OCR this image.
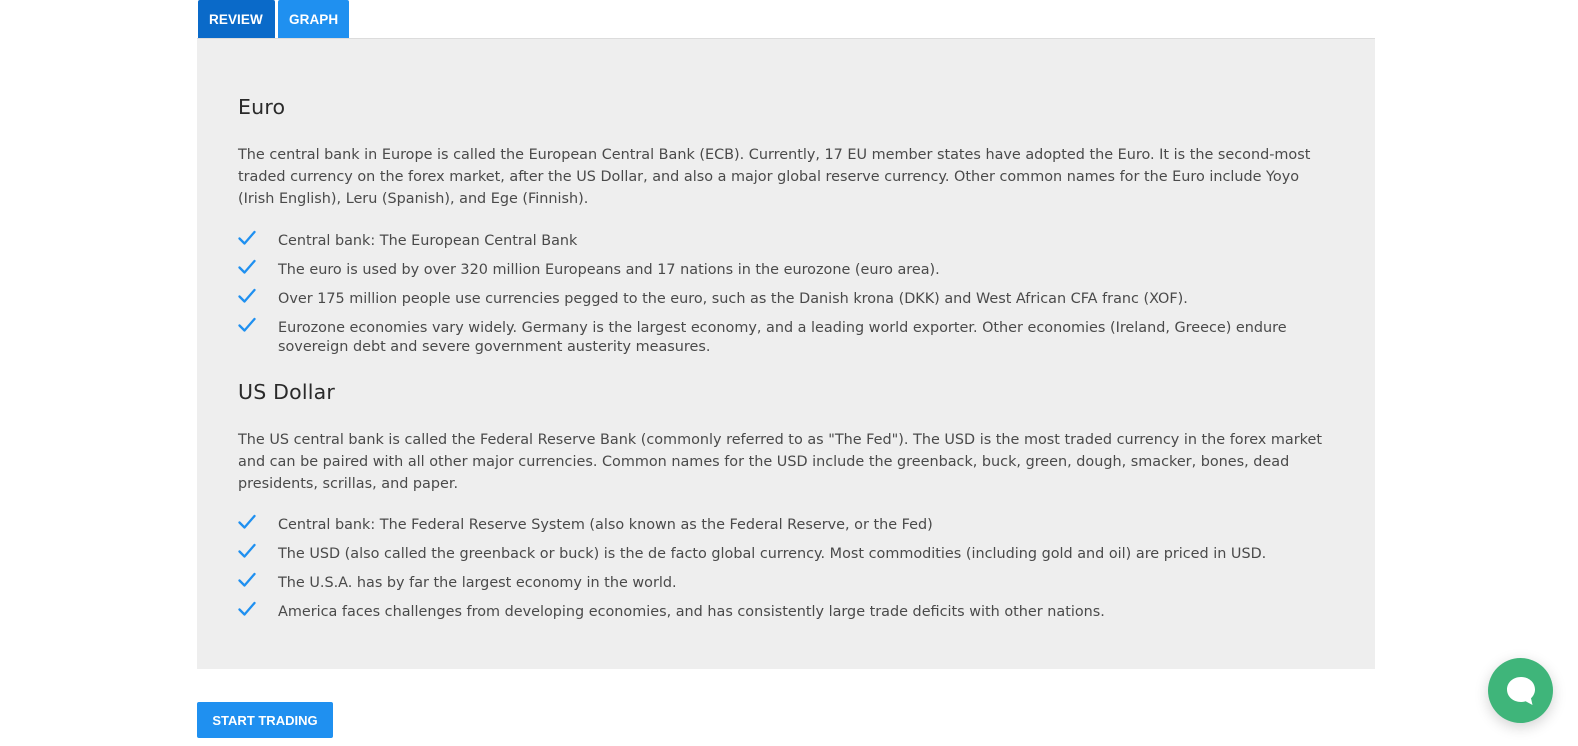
REVIEW	GRAPH
Euro

The central bank in Europe is called the European Central Bank (ECB). Currently, 17 EU member states have adopted the Euro. It is the second-most traded currency on the forex market, after the US Dollar, and also a major global reserve currency. Other common names for the Euro include Yoyo (Irish English), Leru (Spanish), and Ege (Finnish).

Central bank: The European Central Bank
The euro is used by over 320 million Europeans and 17 nations in the eurozone (euro area).
Over 175 million people use currencies pegged to the euro, such as the Danish krona (DKK) and West African CFA franc (XOF).
Eurozone economies vary widely. Germany is the largest economy, and a leading world exporter. Other economies (Ireland, Greece) endure sovereign debt and severe government austerity measures.
US Dollar

The US central bank is called the Federal Reserve Bank (commonly referred to as "The Fed"). The USD is the most traded currency in the forex market and can be paired with all other major currencies. Common names for the USD include the greenback, buck, green, dough, smacker, bones, dead presidents, scrillas, and paper.

Central bank: The Federal Reserve System (also known as the Federal Reserve, or the Fed)
The USD (also called the greenback or buck) is the de facto global currency. Most commodities (including gold and oil) are priced in USD.
The U.S.A. has by far the largest economy in the world.
America faces challenges from developing economies, and has consistently large trade deficits with other nations.
START TRADING
